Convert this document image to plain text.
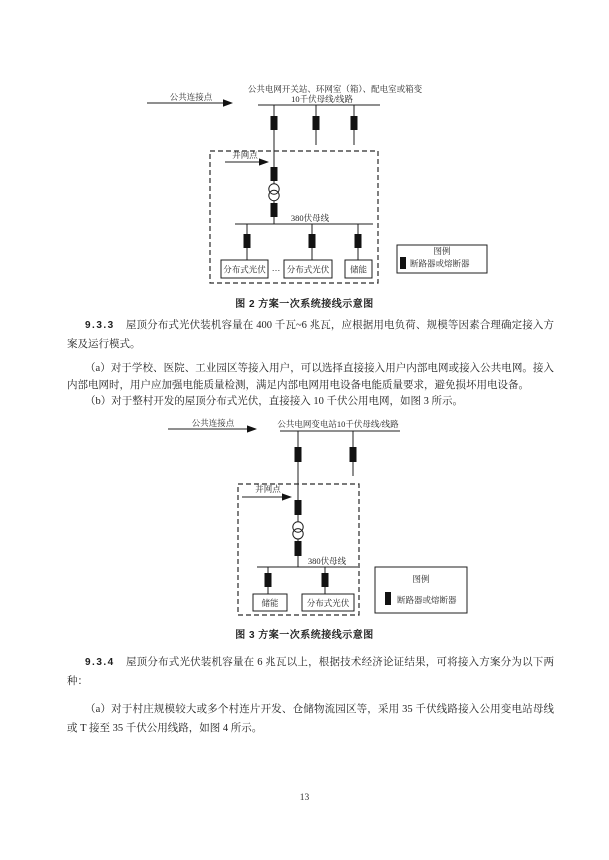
公共连接点
公共电网开关站、环网室（箱）、配电室或箱变
10千伏母线/线路
并网点
380伏母线
分布式光伏 … 分布式光伏 储能
图例
断路器或熔断器
图 2 方案一次系统接线示意图

9.3.3 屋顶分布式光伏装机容量在 400 千瓦~6 兆瓦，应根据用电负荷、规模等因素合理确定接入方案及运行模式。

（a）对于学校、医院、工业园区等接入用户，可以选择直接接入用户内部电网或接入公共电网。接入内部电网时，用户应加强电能质量检测，满足内部电网用电设备电能质量要求，避免损坏用电设备。

（b）对于整村开发的屋顶分布式光伏，直接接入 10 千伏公用电网，如图 3 所示。

公共连接点	公共电网变电站10千伏母线/线路
并网点
380伏母线
储能	分布式光伏
图例
断路器或熔断器
图 3 方案一次系统接线示意图

9.3.4 屋顶分布式光伏装机容量在 6 兆瓦以上，根据技术经济论证结果，可将接入方案分为以下两种：

（a）对于村庄规模较大或多个村连片开发、仓储物流园区等，采用 35 千伏线路接入公用变电站母线或 T 接至 35 千伏公用线路，如图 4 所示。

13
